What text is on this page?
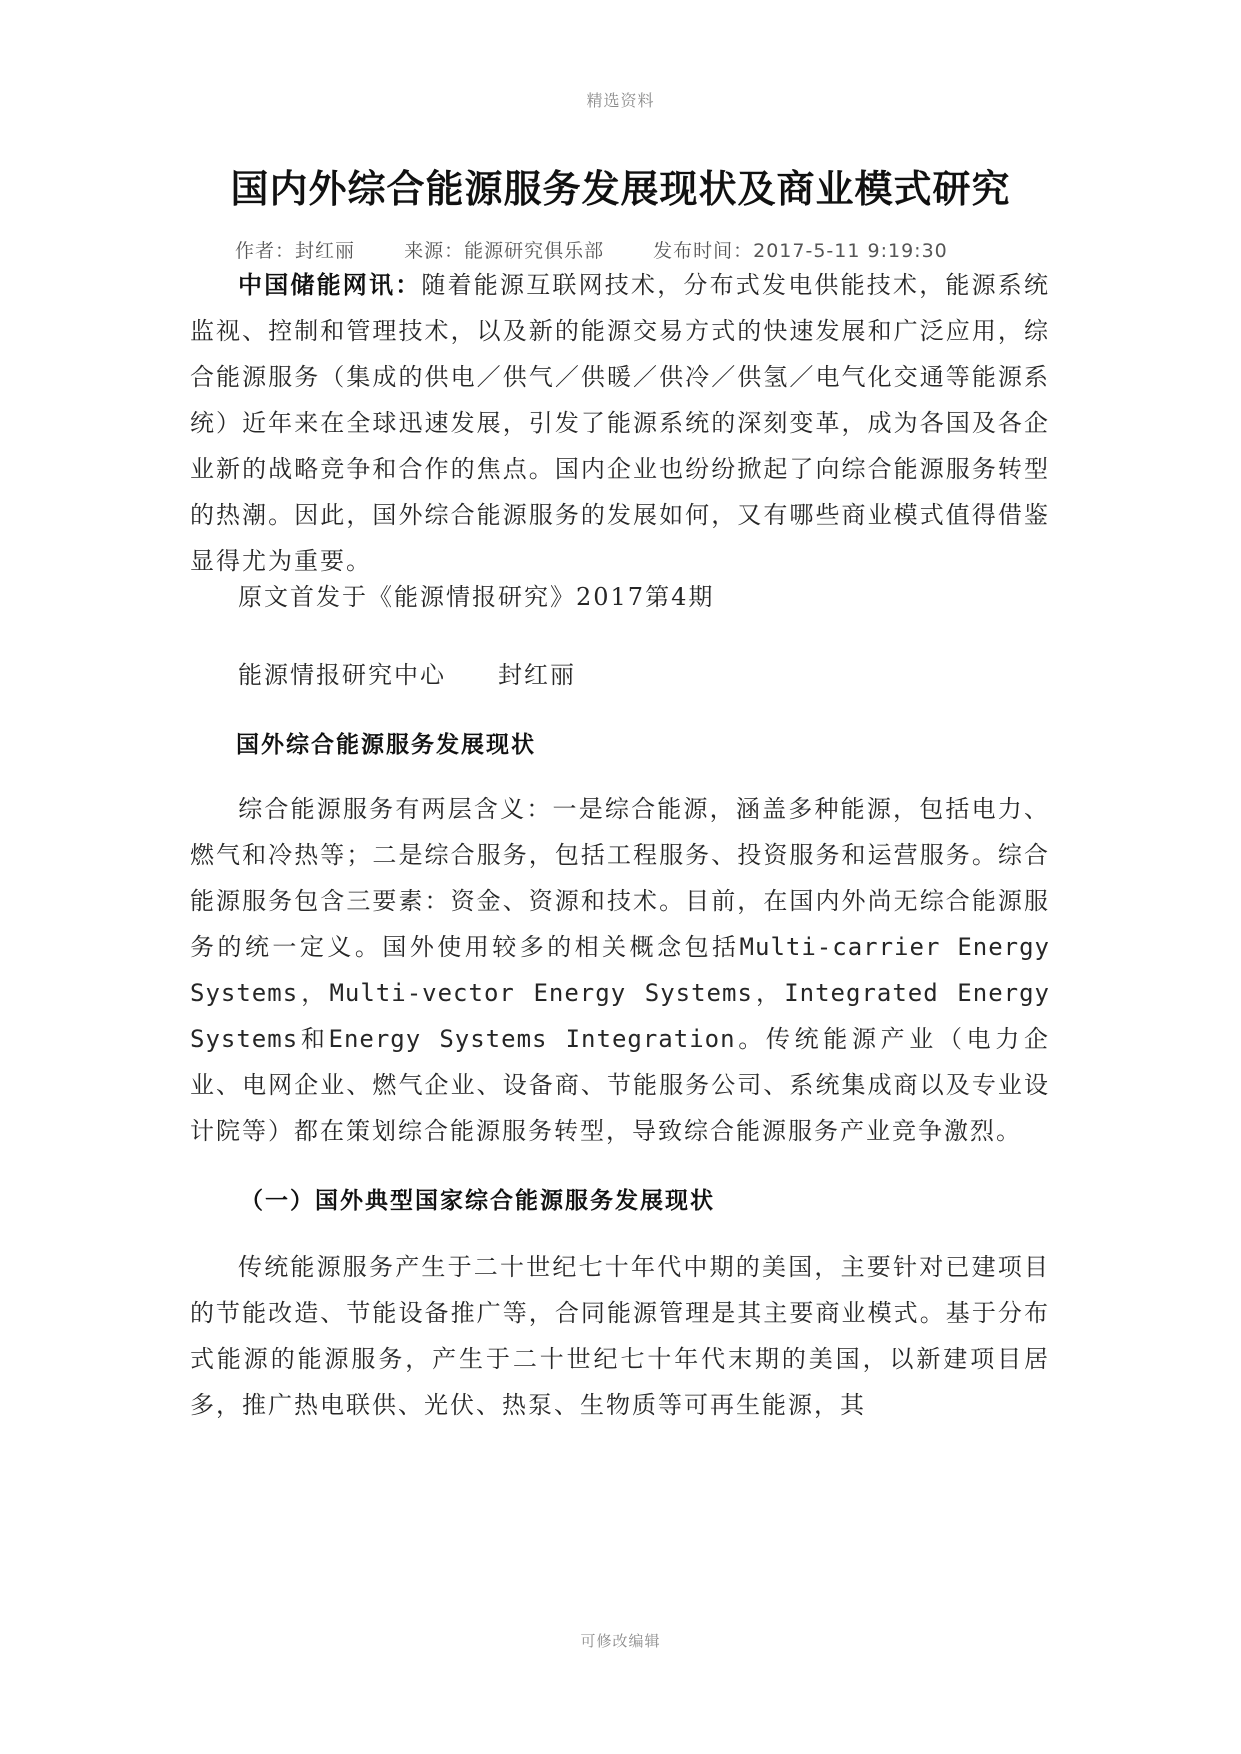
精选资料
国内外综合能源服务发展现状及商业模式研究
作者：封红丽	来源：能源研究俱乐部	发布时间：2017-5-11 9:19:30

中国储能网讯：随着能源互联网技术，分布式发电供能技术，能源系统监视、控制和管理技术，以及新的能源交易方式的快速发展和广泛应用，综合能源服务（集成的供电／供气／供暖／供冷／供氢／电气化交通等能源系统）近年来在全球迅速发展，引发了能源系统的深刻变革，成为各国及各企业新的战略竞争和合作的焦点。国内企业也纷纷掀起了向综合能源服务转型的热潮。因此，国外综合能源服务的发展如何，又有哪些商业模式值得借鉴显得尤为重要。

原文首发于《能源情报研究》2017第4期

能源情报研究中心　　封红丽

国外综合能源服务发展现状

综合能源服务有两层含义：一是综合能源，涵盖多种能源，包括电力、燃气和冷热等；二是综合服务，包括工程服务、投资服务和运营服务。综合能源服务包含三要素：资金、资源和技术。目前，在国内外尚无综合能源服务的统一定义。国外使用较多的相关概念包括Multi-carrier Energy Systems，Multi-vector Energy Systems，Integrated Energy Systems和Energy Systems Integration。传统能源产业（电力企业、电网企业、燃气企业、设备商、节能服务公司、系统集成商以及专业设计院等）都在策划综合能源服务转型，导致综合能源服务产业竞争激烈。

（一）国外典型国家综合能源服务发展现状

传统能源服务产生于二十世纪七十年代中期的美国，主要针对已建项目的节能改造、节能设备推广等，合同能源管理是其主要商业模式。基于分布式能源的能源服务，产生于二十世纪七十年代末期的美国，以新建项目居多，推广热电联供、光伏、热泵、生物质等可再生能源，其

可修改编辑
